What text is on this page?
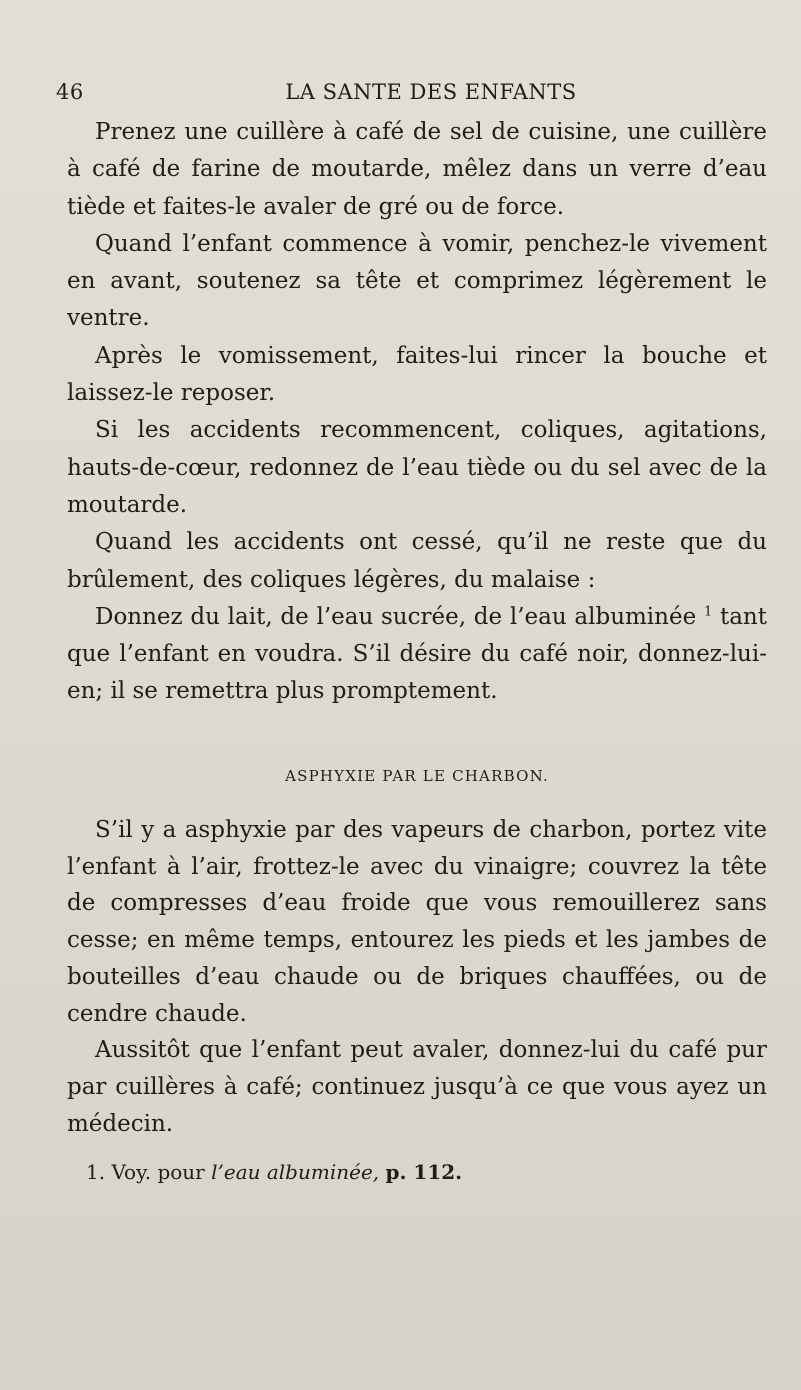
46	LA SANTE DES ENFANTS

Prenez une cuillère à café de sel de cuisine, une cuillère à café de farine de moutarde, mêlez dans un verre d’eau tiède et faites-le avaler de gré ou de force.

Quand l’enfant commence à vomir, penchez-le vivement en avant, soutenez sa tête et comprimez légèrement le ventre.

Après le vomissement, faites-lui rincer la bouche et laissez-le reposer.

Si les accidents recommencent, coliques, agitations, hauts-de-cœur, redonnez de l’eau tiède ou du sel avec de la moutarde.

Quand les accidents ont cessé, qu’il ne reste que du brûlement, des coliques légères, du malaise :

Donnez du lait, de l’eau sucrée, de l’eau albuminée $^1$ tant que l’enfant en voudra. S’il désire du café noir, donnez-lui-en; il se remettra plus promptement.

ASPHYXIE PAR LE CHARBON.

S’il y a asphyxie par des vapeurs de charbon, portez vite l’enfant à l’air, frottez-le avec du vinaigre; couvrez la tête de compresses d’eau froide que vous remouillerez sans cesse; en même temps, entourez les pieds et les jambes de bouteilles d’eau chaude ou de briques chauffées, ou de cendre chaude.

Aussitôt que l’enfant peut avaler, donnez-lui du café pur par cuillères à café; continuez jusqu’à ce que vous ayez un médecin.

1. Voy. pour l’eau albuminée, p. 112.
